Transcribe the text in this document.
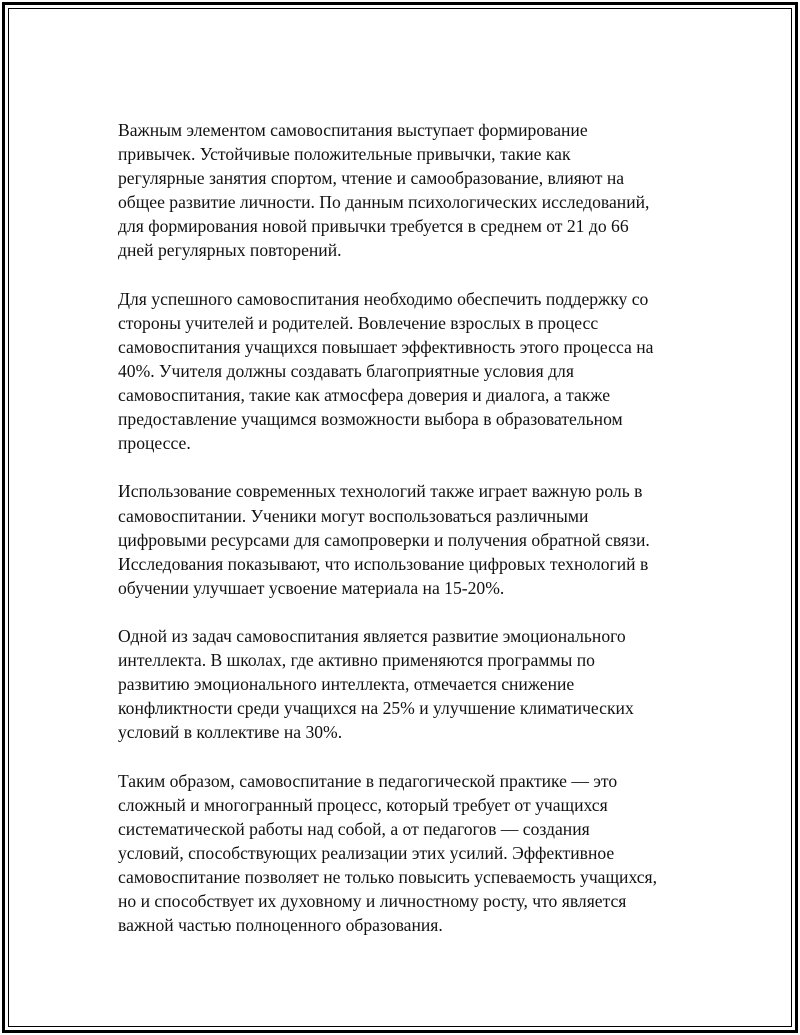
Важным элементом самовоспитания выступает формирование
привычек. Устойчивые положительные привычки, такие как
регулярные занятия спортом, чтение и самообразование, влияют на
общее развитие личности. По данным психологических исследований,
для формирования новой привычки требуется в среднем от 21 до 66
дней регулярных повторений.

Для успешного самовоспитания необходимо обеспечить поддержку со
стороны учителей и родителей. Вовлечение взрослых в процесс
самовоспитания учащихся повышает эффективность этого процесса на
40%. Учителя должны создавать благоприятные условия для
самовоспитания, такие как атмосфера доверия и диалога, а также
предоставление учащимся возможности выбора в образовательном
процессе.

Использование современных технологий также играет важную роль в
самовоспитании. Ученики могут воспользоваться различными
цифровыми ресурсами для самопроверки и получения обратной связи.
Исследования показывают, что использование цифровых технологий в
обучении улучшает усвоение материала на 15-20%.

Одной из задач самовоспитания является развитие эмоционального
интеллекта. В школах, где активно применяются программы по
развитию эмоционального интеллекта, отмечается снижение
конфликтности среди учащихся на 25% и улучшение климатических
условий в коллективе на 30%.

Таким образом, самовоспитание в педагогической практике — это
сложный и многогранный процесс, который требует от учащихся
систематической работы над собой, а от педагогов — создания
условий, способствующих реализации этих усилий. Эффективное
самовоспитание позволяет не только повысить успеваемость учащихся,
но и способствует их духовному и личностному росту, что является
важной частью полноценного образования.
